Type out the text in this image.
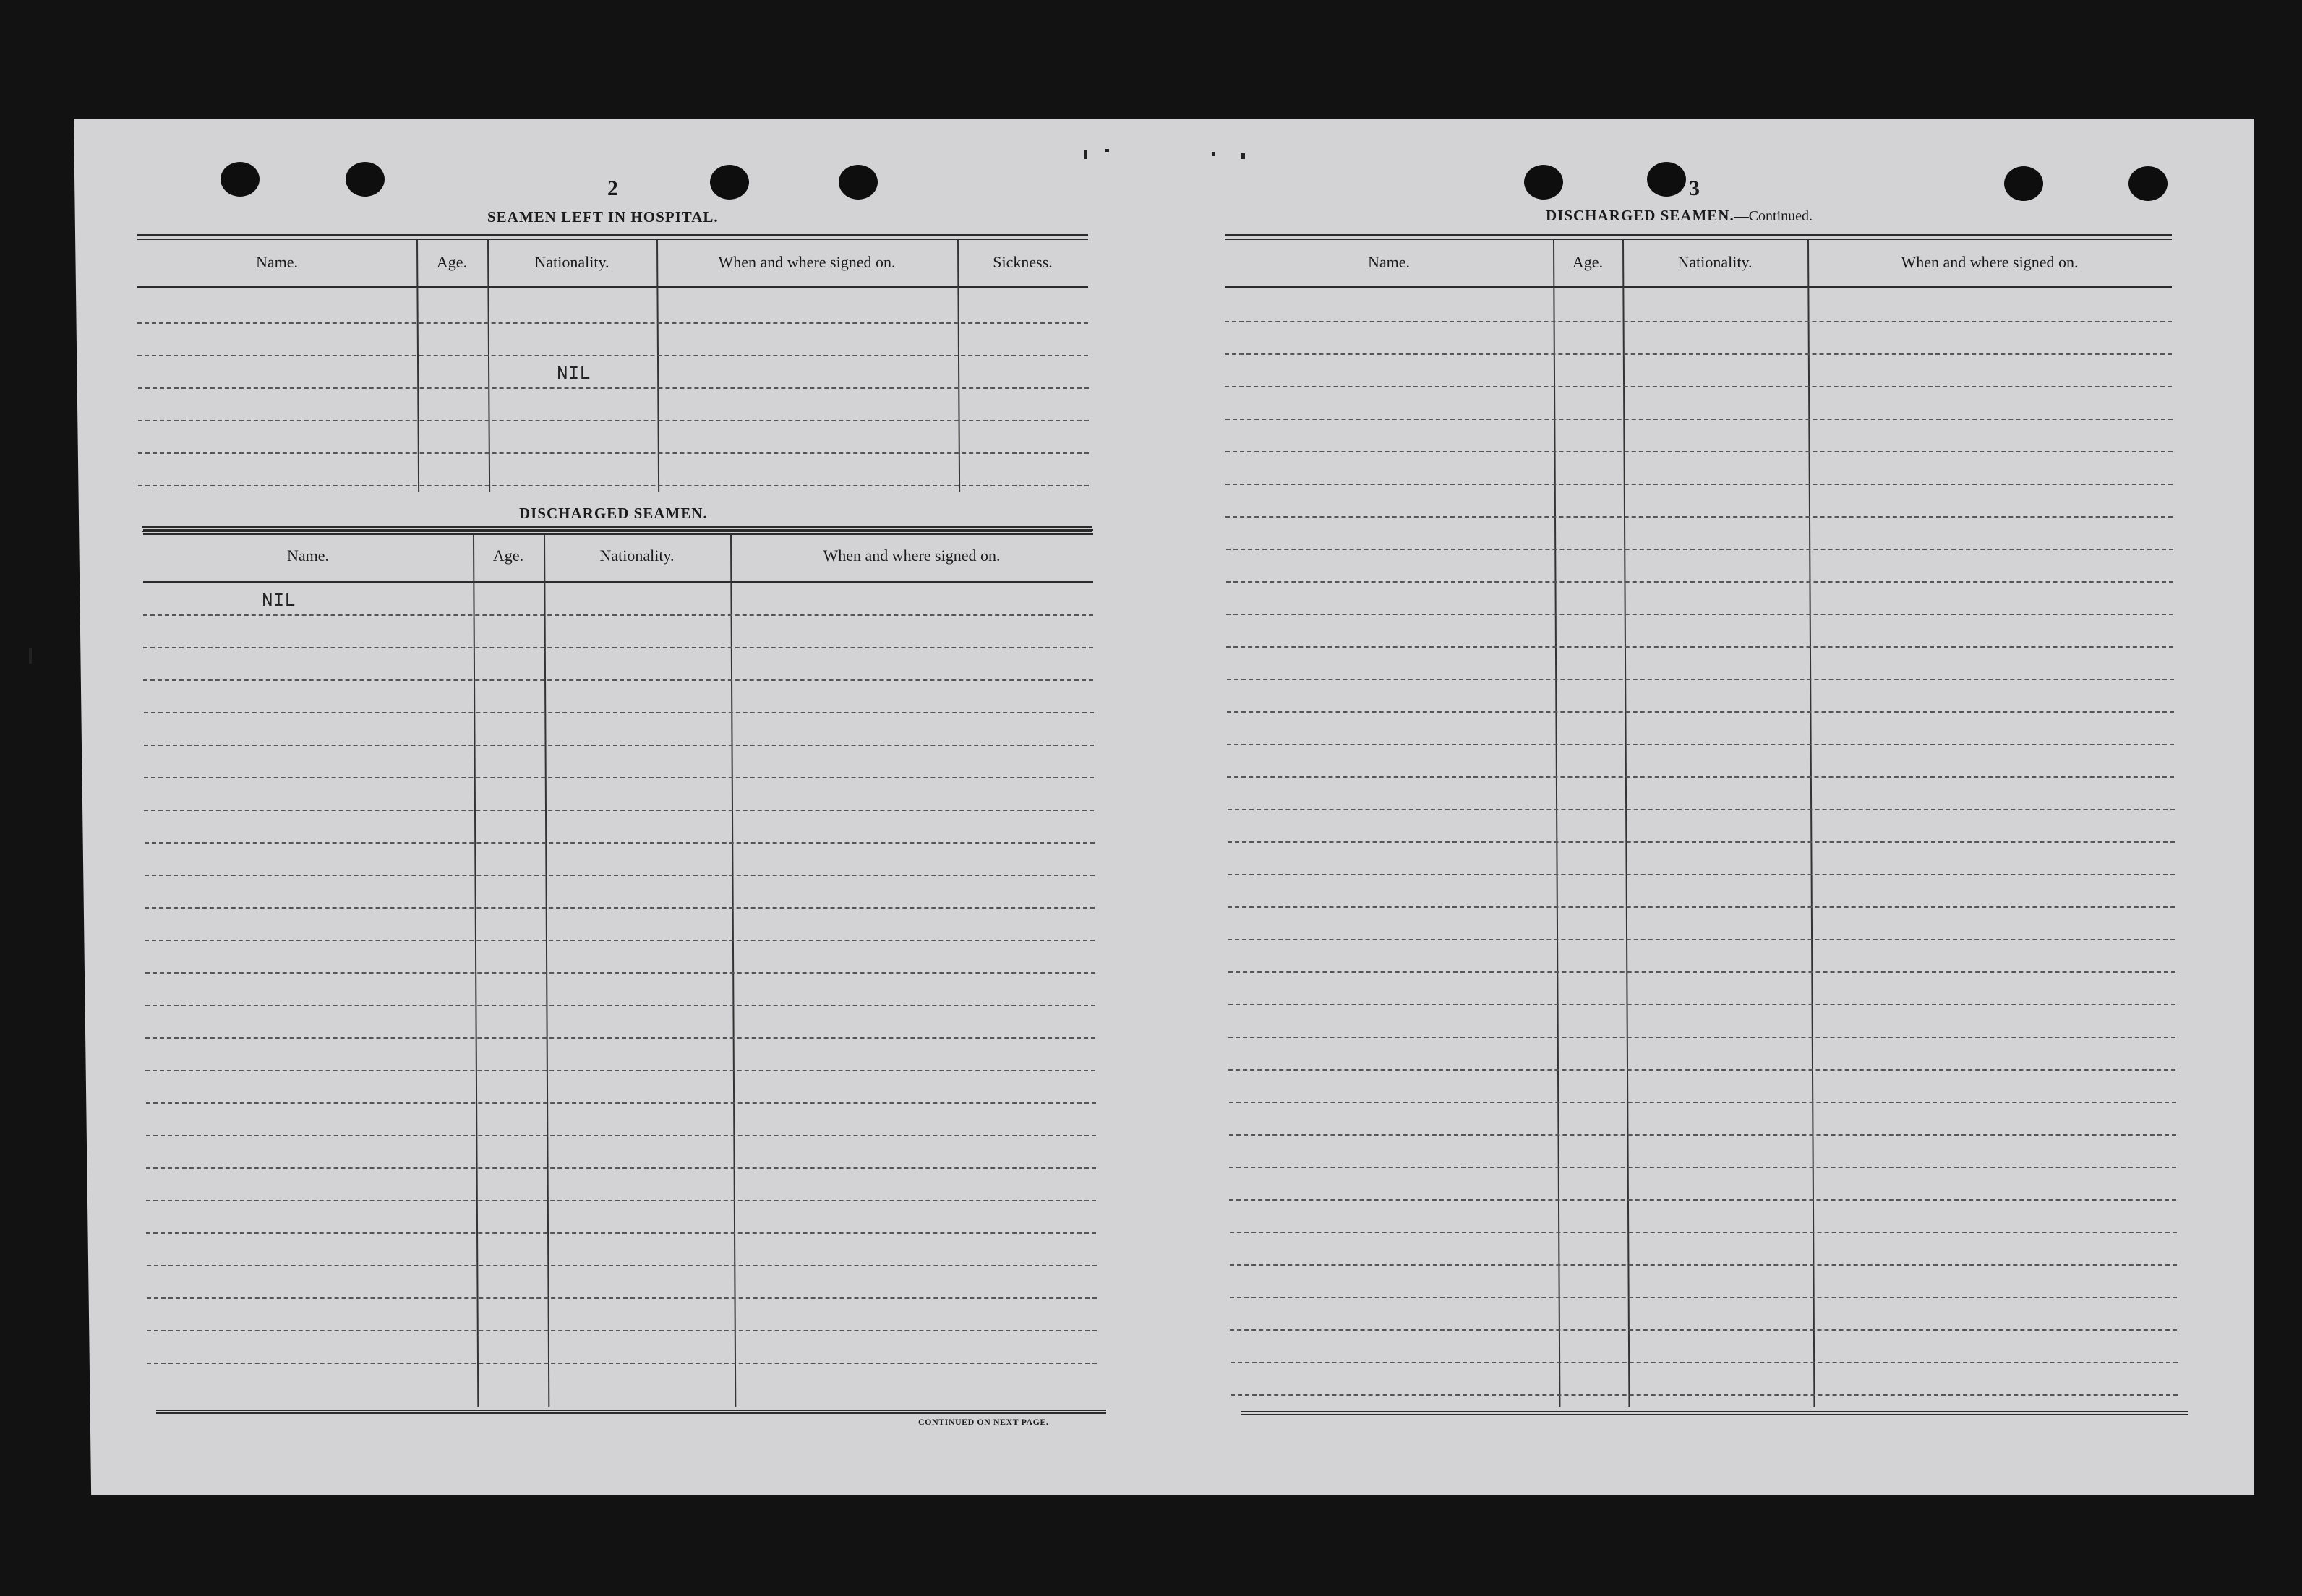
2
SEAMEN LEFT IN HOSPITAL.
Name.	Age.	Nationality.	When and where signed on.	Sickness.
NIL
DISCHARGED SEAMEN.
Name.	Age.	Nationality.	When and where signed on.
NIL
CONTINUED ON NEXT PAGE.
3
DISCHARGED SEAMEN.—Continued.
Name.	Age.	Nationality.	When and where signed on.
